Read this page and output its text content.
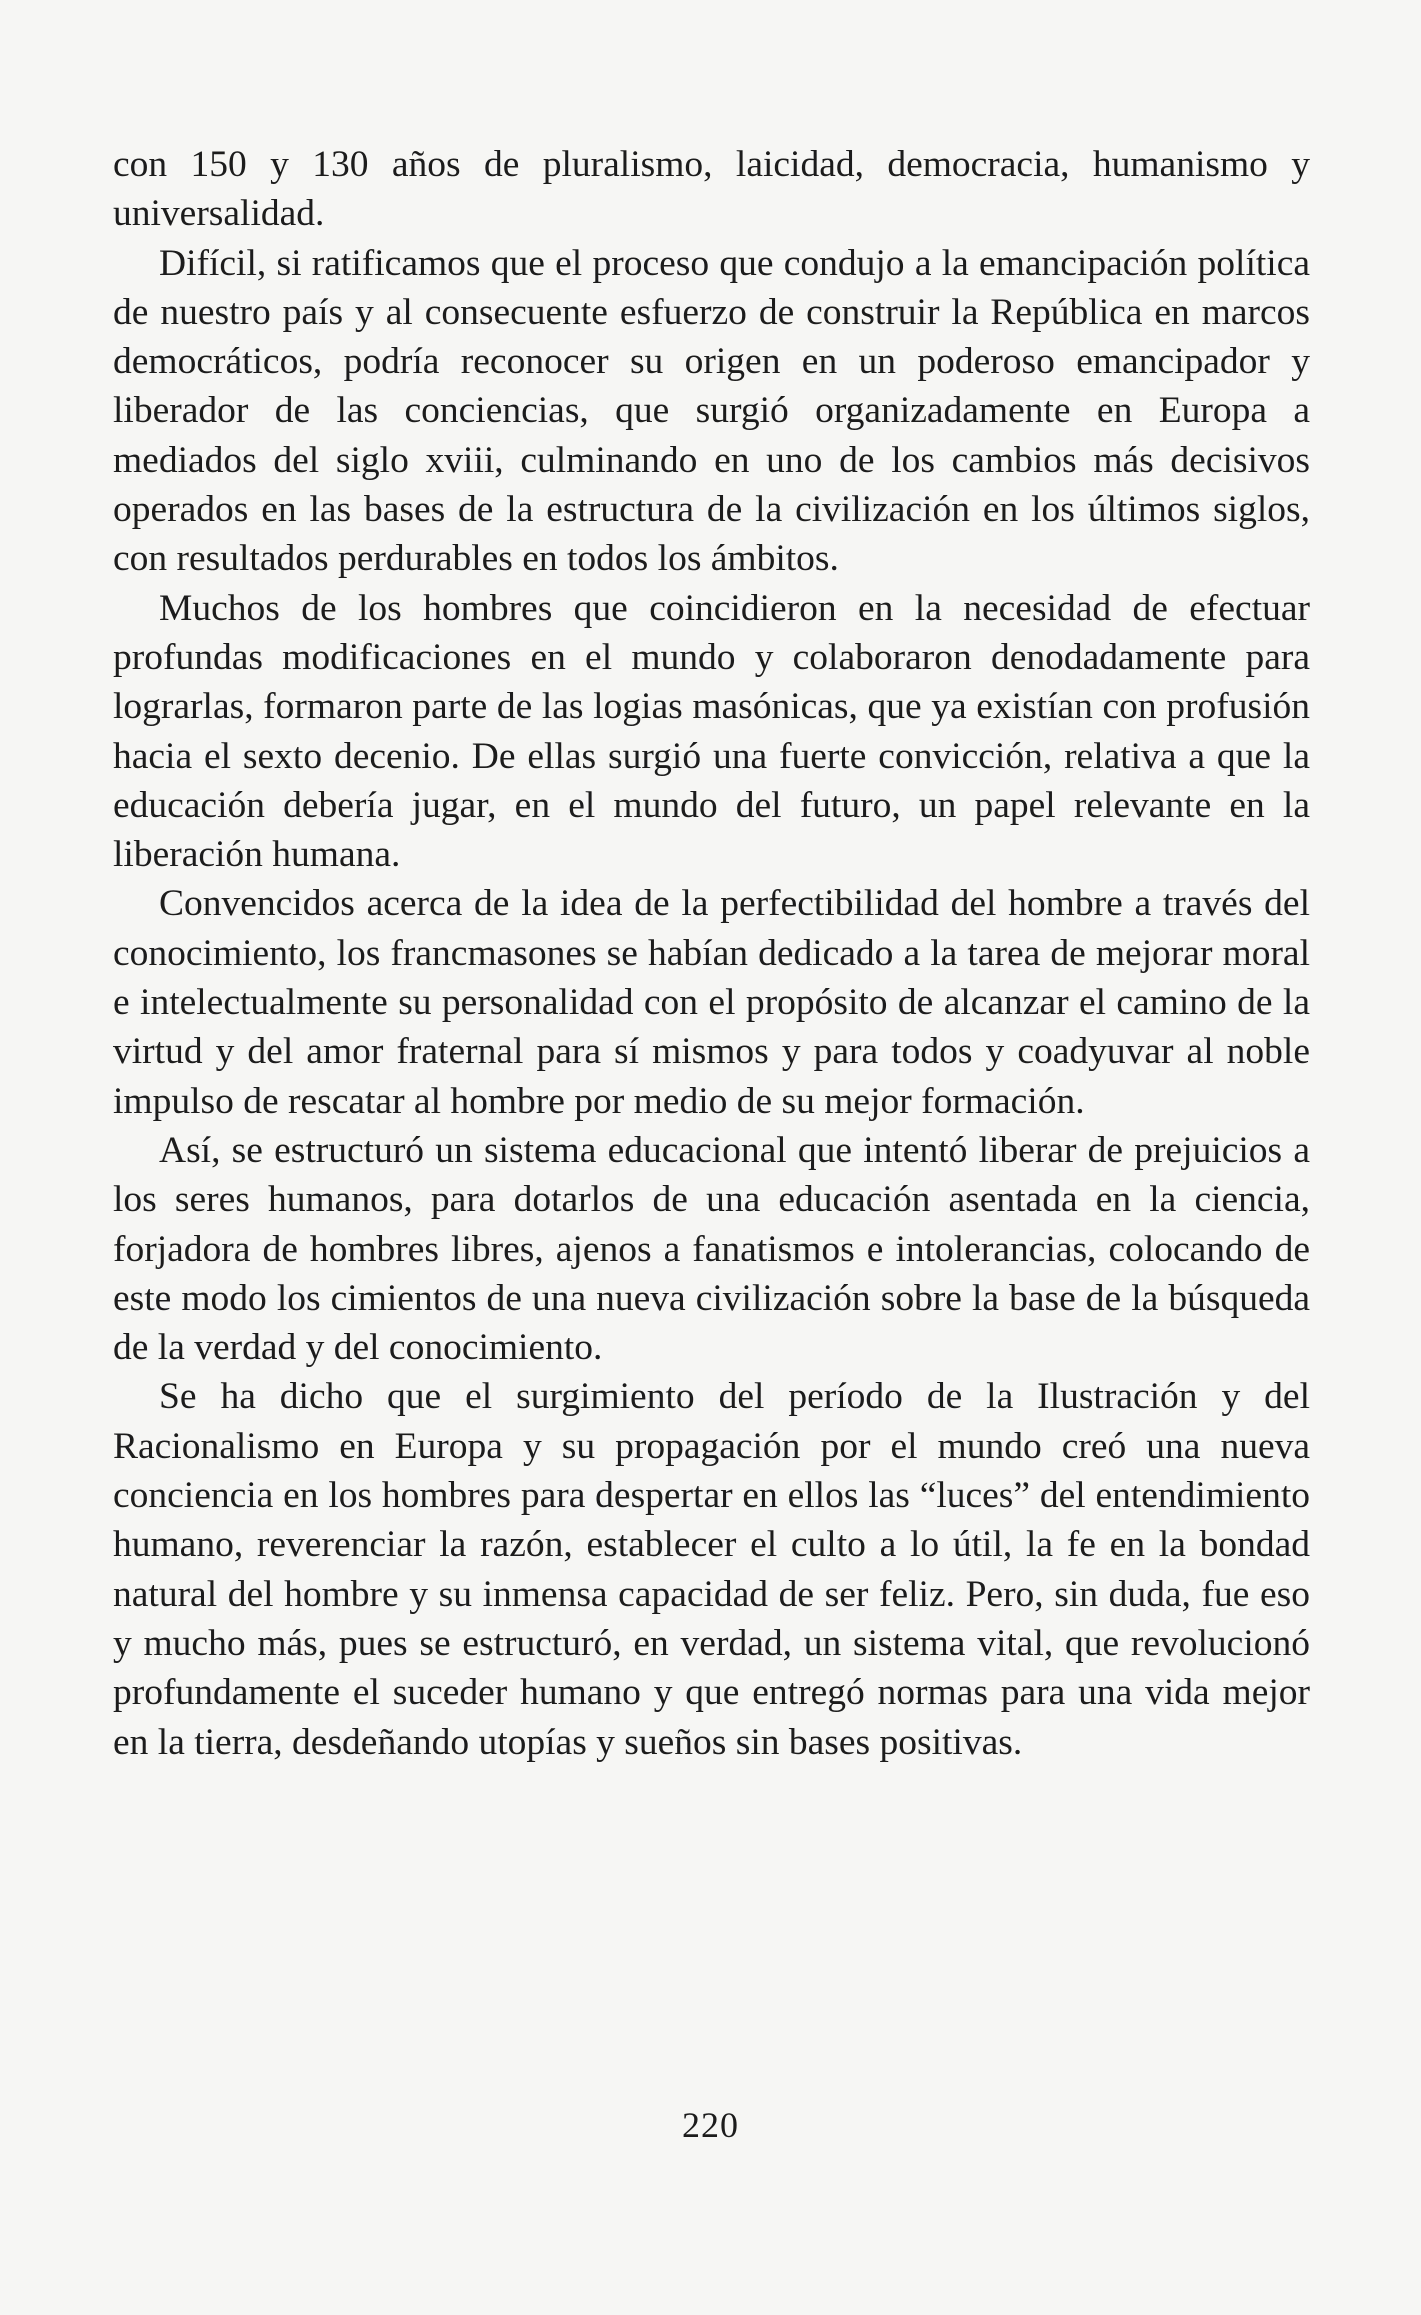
con 150 y 130 años de pluralismo, laicidad, democracia, humanismo y universalidad.

Difícil, si ratificamos que el proceso que condujo a la emancipación política de nuestro país y al consecuente esfuerzo de construir la República en marcos democráticos, podría reconocer su origen en un poderoso emancipador y liberador de las conciencias, que surgió organizadamente en Europa a mediados del siglo xviii, culminando en uno de los cambios más decisivos operados en las bases de la estructura de la civilización en los últimos siglos, con resultados perdurables en todos los ámbitos.

Muchos de los hombres que coincidieron en la necesidad de efectuar profundas modificaciones en el mundo y colaboraron denodadamente para lograrlas, formaron parte de las logias masónicas, que ya existían con profusión hacia el sexto decenio. De ellas surgió una fuerte convicción, relativa a que la educación debería jugar, en el mundo del futuro, un papel relevante en la liberación humana.

Convencidos acerca de la idea de la perfectibilidad del hombre a través del conocimiento, los francmasones se habían dedicado a la tarea de mejorar moral e intelectualmente su personalidad con el propósito de alcanzar el camino de la virtud y del amor fraternal para sí mismos y para todos y coadyuvar al noble impulso de rescatar al hombre por medio de su mejor formación.

Así, se estructuró un sistema educacional que intentó liberar de prejuicios a los seres humanos, para dotarlos de una educación asentada en la ciencia, forjadora de hombres libres, ajenos a fanatismos e intolerancias, colocando de este modo los cimientos de una nueva civilización sobre la base de la búsqueda de la verdad y del conocimiento.

Se ha dicho que el surgimiento del período de la Ilustración y del Racionalismo en Europa y su propagación por el mundo creó una nueva conciencia en los hombres para despertar en ellos las “luces” del entendimiento humano, reverenciar la razón, establecer el culto a lo útil, la fe en la bondad natural del hombre y su inmensa capacidad de ser feliz. Pero, sin duda, fue eso y mucho más, pues se estructuró, en verdad, un sistema vital, que revolucionó profundamente el suceder humano y que entregó normas para una vida mejor en la tierra, desdeñando utopías y sueños sin bases positivas.

220
